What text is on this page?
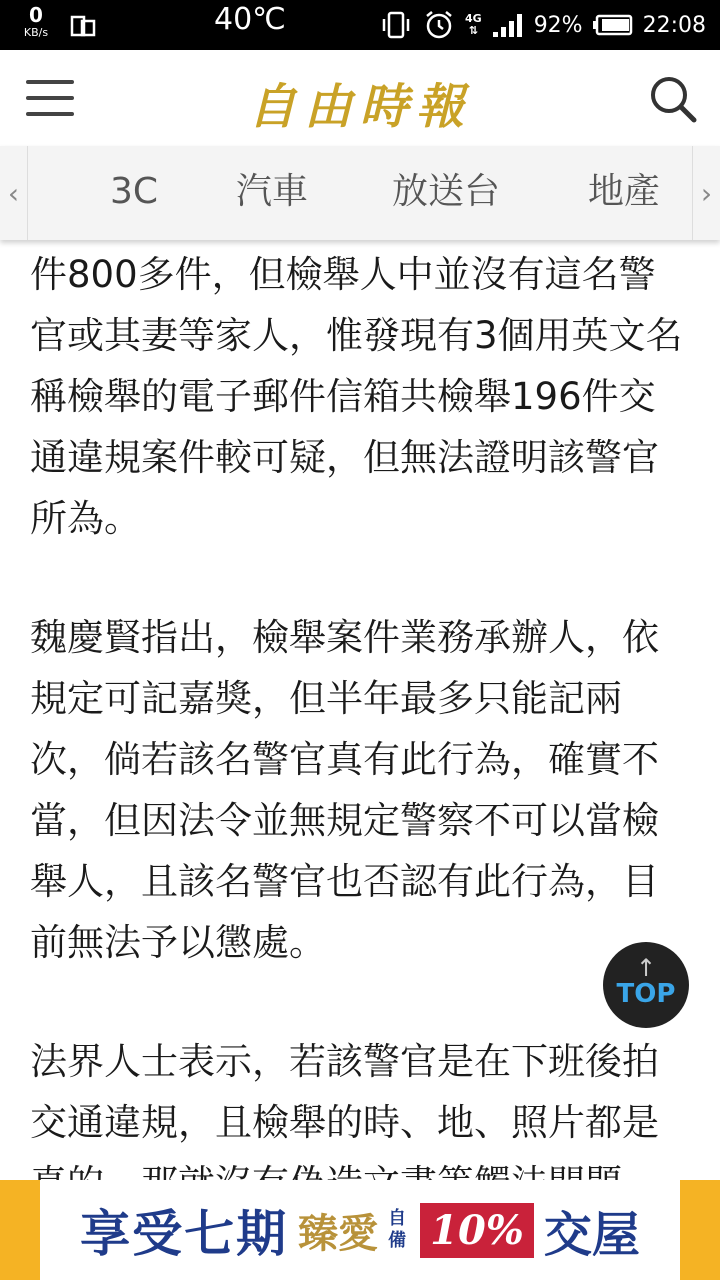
0
KB/s	40℃	4G
⇅	92%	22:08
自由時報
‹	3C 汽車 放送台 地產	›

件800多件，但檢舉人中並沒有這名警官或其妻等家人，惟發現有3個用英文名稱檢舉的電子郵件信箱共檢舉196件交通違規案件較可疑，但無法證明該警官所為。

魏慶賢指出，檢舉案件業務承辦人，依規定可記嘉獎，但半年最多只能記兩次，倘若該名警官真有此行為，確實不當，但因法令並無規定警察不可以當檢舉人，且該名警官也否認有此行為，目前無法予以懲處。

法界人士表示，若該警官是在下班後拍交通違規，且檢舉的時、地、照片都是

↑
TOP
享受七期 臻愛 自備 10% 交屋
